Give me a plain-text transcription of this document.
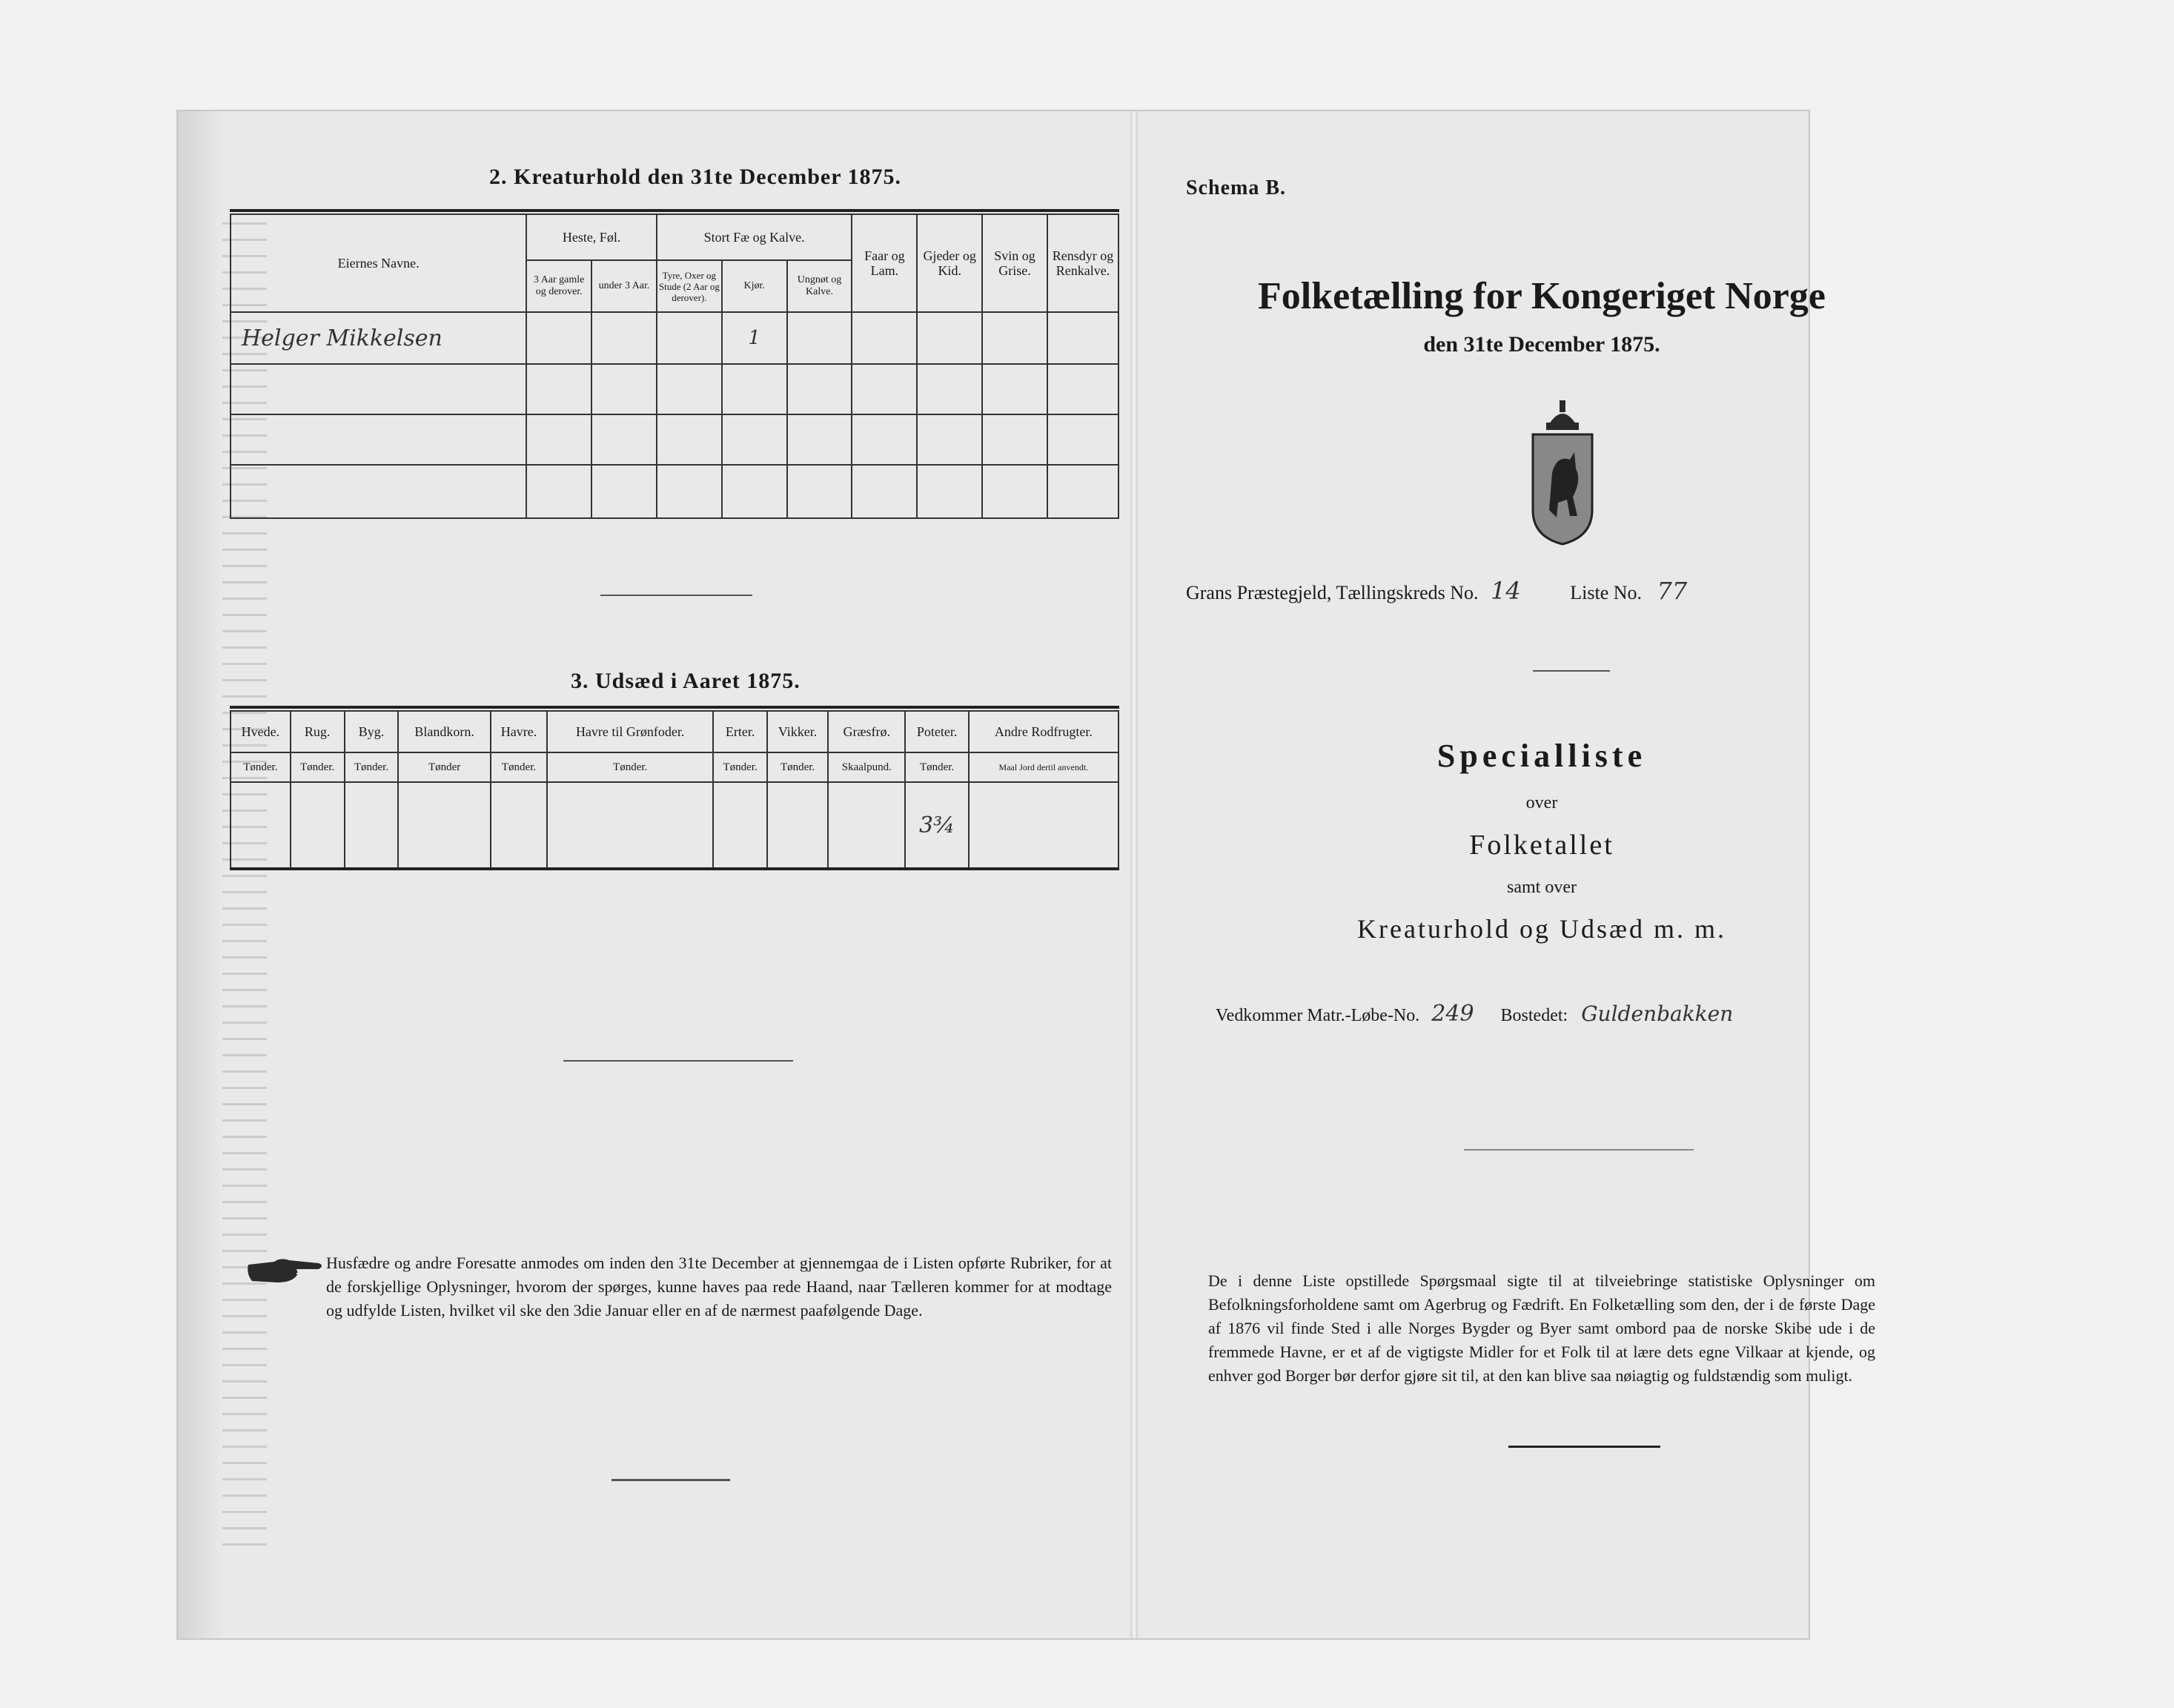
2. Kreaturhold den 31te December 1875.
Eiernes Navne.	Heste, Føl.		Stort Fæ og Kalve.			Faar og Lam.	Gjeder og Kid.	Svin og Grise.	Rensdyr og Renkalve.
	3 Aar gamle og derover.	under 3 Aar.	Tyre, Oxer og Stude (2 Aar og derover).	Kjør.	Ungnøt og Kalve.				
Helger Mikkelsen				1					

3. Udsæd i Aaret 1875.
Hvede.	Rug.	Byg.	Blandkorn.	Havre.	Havre til Grønfoder.	Erter.	Vikker.	Græsfrø.	Poteter.	Andre Rodfrugter.
Tønder.	Tønder.	Tønder.	Tønder	Tønder.	Tønder.	Tønder.	Tønder.	Skaalpund.	Tønder.	Maal Jord dertil anvendt.
									3¾	
Husfædre og andre Foresatte anmodes om inden den 31te December at gjennemgaa de i Listen opførte Rubriker, for at de forskjellige Oplysninger, hvorom der spørges, kunne haves paa rede Haand, naar Tælleren kommer for at modtage og udfylde Listen, hvilket vil ske den 3die Januar eller en af de nærmest paafølgende Dage.
Schema B.
Folketælling for Kongeriget Norge
den 31te December 1875.
Grans Præstegjeld, Tællingskreds No. 14	Liste No. 77
Specialliste
over
Folketallet
samt over
Kreaturhold og Udsæd m. m.
Vedkommer Matr.-Løbe-No. 249 Bostedet: Guldenbakken
De i denne Liste opstillede Spørgsmaal sigte til at tilveiebringe statistiske Oplysninger om Befolkningsforholdene samt om Agerbrug og Fædrift. En Folketælling som den, der i de første Dage af 1876 vil finde Sted i alle Norges Bygder og Byer samt ombord paa de norske Skibe ude i de fremmede Havne, er et af de vigtigste Midler for et Folk til at lære dets egne Vilkaar at kjende, og enhver god Borger bør derfor gjøre sit til, at den kan blive saa nøiagtig og fuldstændig som muligt.
